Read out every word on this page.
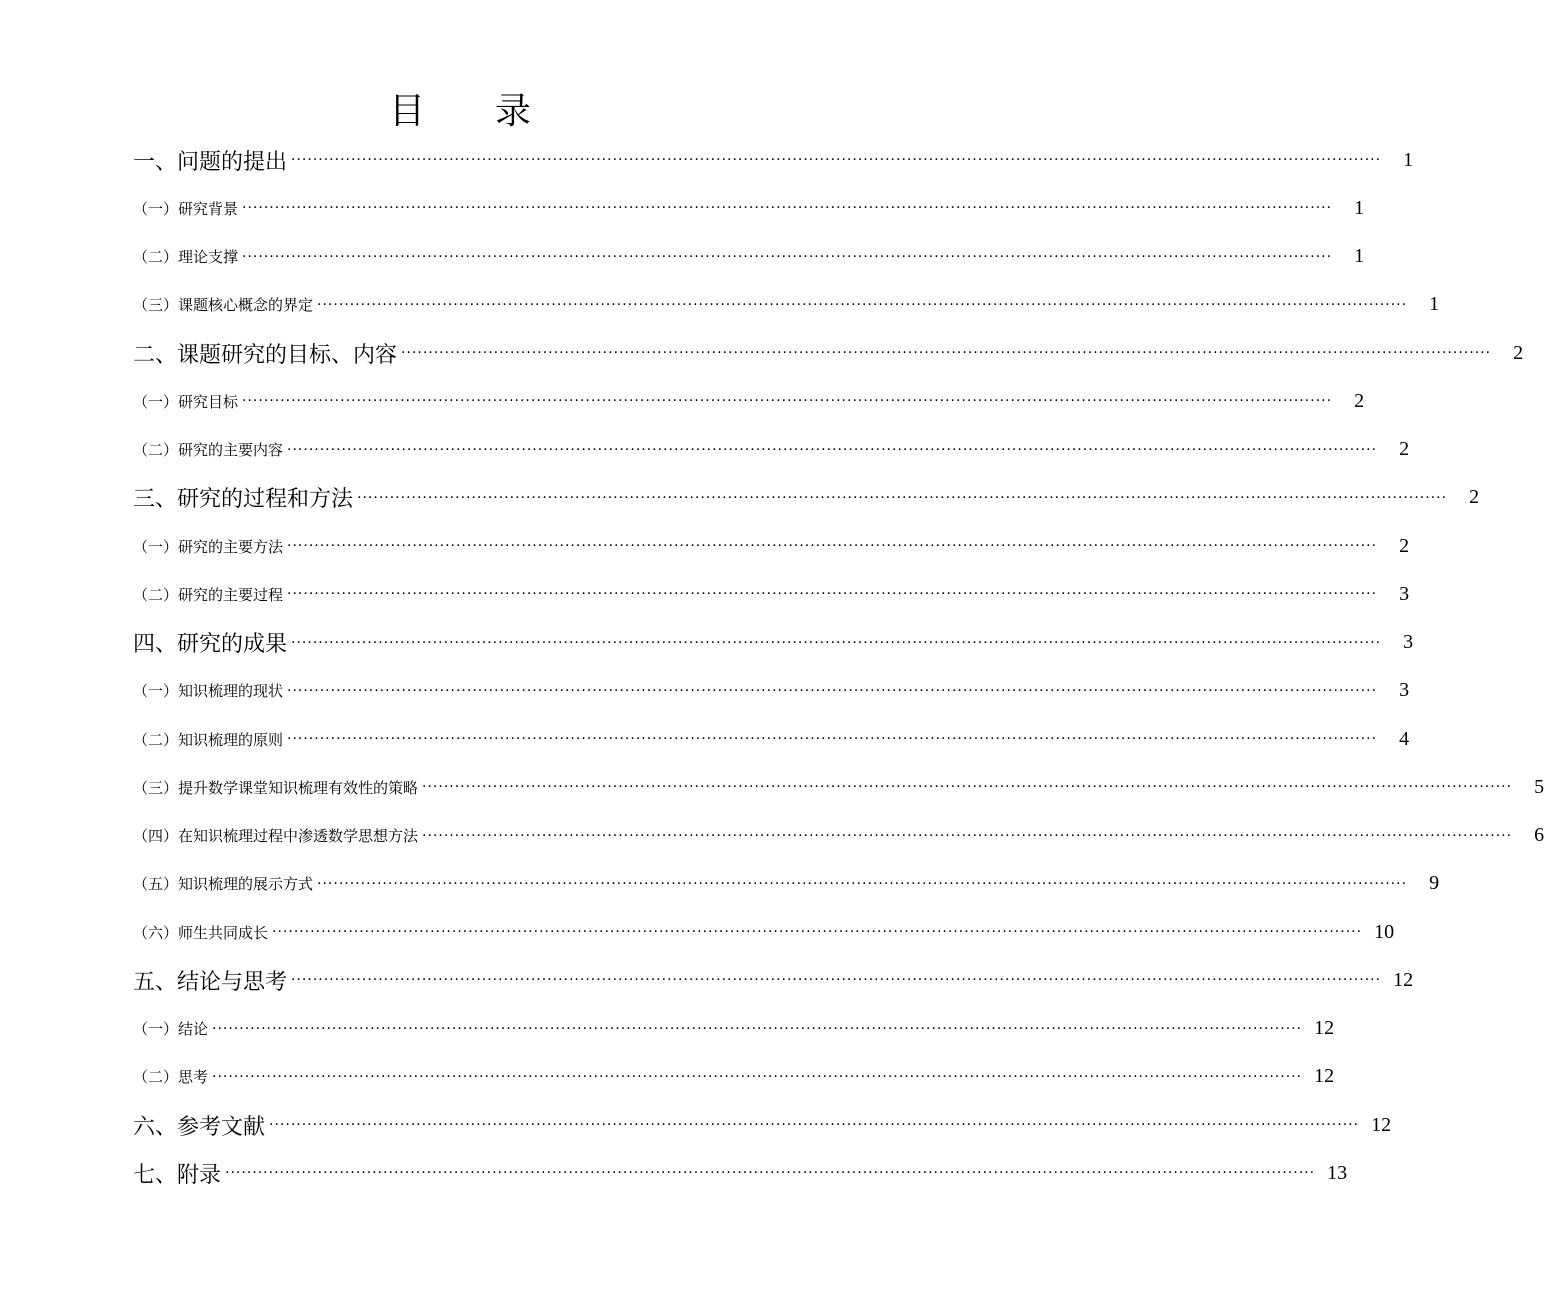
目 录
一、问题的提出 ········································································································································································································	1
（一）研究背景 ········································································································································································································	1
（二）理论支撑 ········································································································································································································	1
（三）课题核心概念的界定 ········································································································································································································	1
二、课题研究的目标、内容 ········································································································································································································	2
（一）研究目标 ········································································································································································································	2
（二）研究的主要内容 ········································································································································································································	2
三、研究的过程和方法 ········································································································································································································	2
（一）研究的主要方法 ········································································································································································································	2
（二）研究的主要过程 ········································································································································································································	3
四、研究的成果 ········································································································································································································	3
（一）知识梳理的现状 ········································································································································································································	3
（二）知识梳理的原则 ········································································································································································································	4
（三）提升数学课堂知识梳理有效性的策略 ········································································································································································································	5
（四）在知识梳理过程中渗透数学思想方法 ········································································································································································································	6
（五）知识梳理的展示方式 ········································································································································································································	9
（六）师生共同成长 ········································································································································································································ 10
五、结论与思考 ········································································································································································································ 12
（一）结论 ········································································································································································································ 12
（二）思考 ········································································································································································································ 12
六、参考文献 ········································································································································································································ 12
七、附录 ········································································································································································································ 13
